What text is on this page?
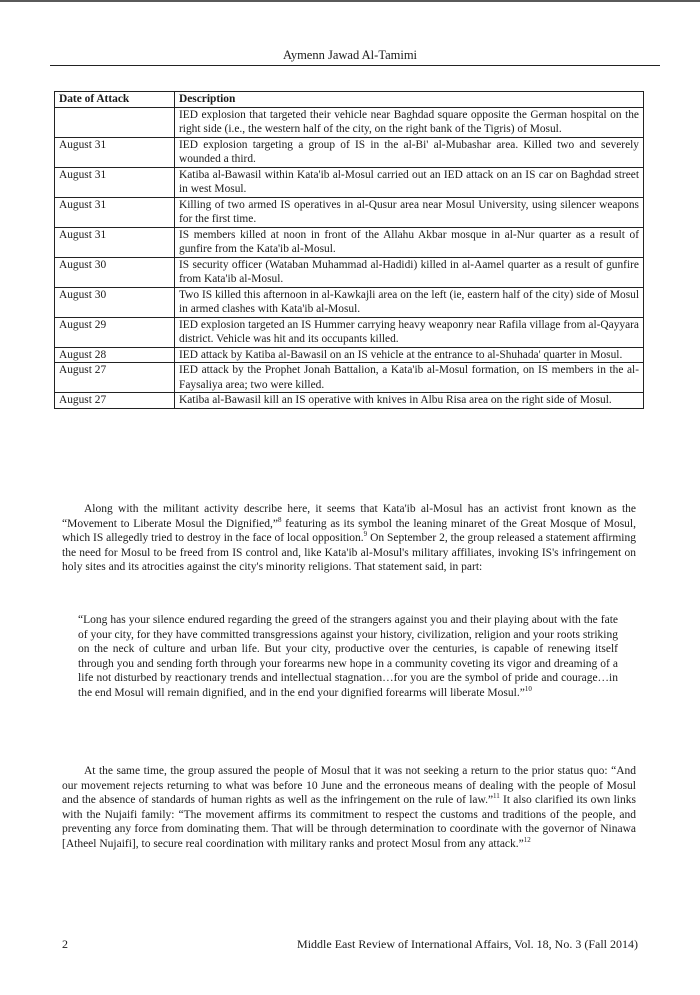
Aymenn Jawad Al-Tamimi
Date of Attack	Description
	IED explosion that targeted their vehicle near Baghdad square opposite the German hospital on the right side (i.e., the western half of the city, on the right bank of the Tigris) of Mosul.
August 31	IED explosion targeting a group of IS in the al-Bi' al-Mubashar area. Killed two and severely wounded a third.
August 31	Katiba al-Bawasil within Kata'ib al-Mosul carried out an IED attack on an IS car on Baghdad street in west Mosul.
August 31	Killing of two armed IS operatives in al-Qusur area near Mosul University, using silencer weapons for the first time.
August 31	IS members killed at noon in front of the Allahu Akbar mosque in al-Nur quarter as a result of gunfire from the Kata'ib al-Mosul.
August 30	IS security officer (Wataban Muhammad al-Hadidi) killed in al-Aamel quarter as a result of gunfire from Kata'ib al-Mosul.
August 30	Two IS killed this afternoon in al-Kawkajli area on the left (ie, eastern half of the city) side of Mosul in armed clashes with Kata'ib al-Mosul.
August 29	IED explosion targeted an IS Hummer carrying heavy weaponry near Rafila village from al-Qayyara district. Vehicle was hit and its occupants killed.
August 28	IED attack by Katiba al-Bawasil on an IS vehicle at the entrance to al-Shuhada' quarter in Mosul.
August 27	IED attack by the Prophet Jonah Battalion, a Kata'ib al-Mosul formation, on IS members in the al-Faysaliya area; two were killed.
August 27	Katiba al-Bawasil kill an IS operative with knives in Albu Risa area on the right side of Mosul.

Along with the militant activity describe here, it seems that Kata'ib al-Mosul has an activist front known as the “Movement to Liberate Mosul the Dignified,”$^8$ featuring as its symbol the leaning minaret of the Great Mosque of Mosul, which IS allegedly tried to destroy in the face of local opposition.$^9$ On September 2, the group released a statement affirming the need for Mosul to be freed from IS control and, like Kata'ib al-Mosul's military affiliates, invoking IS's infringement on holy sites and its atrocities against the city's minority religions. That statement said, in part:

“Long has your silence endured regarding the greed of the strangers against you and their playing about with the fate of your city, for they have committed transgressions against your history, civilization, religion and your roots striking on the neck of culture and urban life. But your city, productive over the centuries, is capable of renewing itself through you and sending forth through your forearms new hope in a community coveting its vigor and dreaming of a life not disturbed by reactionary trends and intellectual stagnation…for you are the symbol of pride and courage…in the end Mosul will remain dignified, and in the end your dignified forearms will liberate Mosul.”$^{10}$

At the same time, the group assured the people of Mosul that it was not seeking a return to the prior status quo: “And our movement rejects returning to what was before 10 June and the erroneous means of dealing with the people of Mosul and the absence of standards of human rights as well as the infringement on the rule of law.”$^{11}$ It also clarified its own links with the Nujaifi family: “The movement affirms its commitment to respect the customs and traditions of the people, and preventing any force from dominating them. That will be through determination to coordinate with the governor of Ninawa [Atheel Nujaifi], to secure real coordination with military ranks and protect Mosul from any attack.”$^{12}$

2	Middle East Review of International Affairs, Vol. 18, No. 3 (Fall 2014)
